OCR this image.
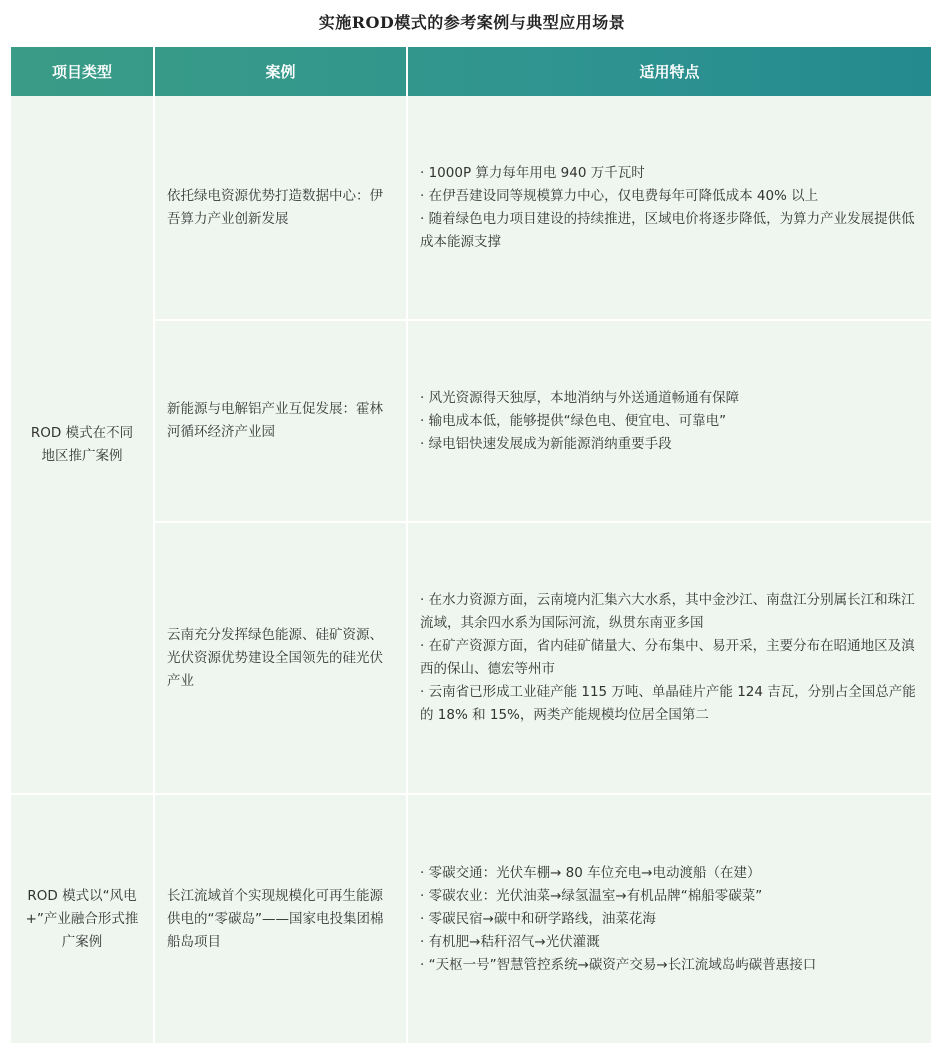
实施ROD模式的参考案例与典型应用场景
项目类型	案例	适用特点
ROD 模式在不同地区推广案例	依托绿电资源优势打造数据中心：伊吾算力产业创新发展	· 1000P 算力每年用电 940 万千瓦时
· 在伊吾建设同等规模算力中心，仅电费每年可降低成本 40% 以上
· 随着绿色电力项目建设的持续推进，区域电价将逐步降低，为算力产业发展提供低成本能源支撑

	新能源与电解铝产业互促发展：霍林河循环经济产业园	· 风光资源得天独厚，本地消纳与外送通道畅通有保障
· 输电成本低，能够提供“绿色电、便宜电、可靠电”
· 绿电铝快速发展成为新能源消纳重要手段

	云南充分发挥绿色能源、硅矿资源、光伏资源优势建设全国领先的硅光伏产业	· 在水力资源方面，云南境内汇集六大水系，其中金沙江、南盘江分别属长江和珠江流域，其余四水系为国际河流，纵贯东南亚多国
· 在矿产资源方面，省内硅矿储量大、分布集中、易开采，主要分布在昭通地区及滇西的保山、德宏等州市
· 云南省已形成工业硅产能 115 万吨、单晶硅片产能 124 吉瓦，分别占全国总产能的 18% 和 15%，两类产能规模均位居全国第二

ROD 模式以“风电 +”产业融合形式推广案例	长江流域首个实现规模化可再生能源供电的“零碳岛”——国家电投集团棉船岛项目	· 零碳交通：光伏车棚→ 80 车位充电→电动渡船（在建）
· 零碳农业：光伏油菜→绿氢温室→有机品牌“棉船零碳菜”
· 零碳民宿→碳中和研学路线，油菜花海
· 有机肥→秸秆沼气→光伏灌溉
· “天枢一号”智慧管控系统→碳资产交易→长江流域岛屿碳普惠接口
